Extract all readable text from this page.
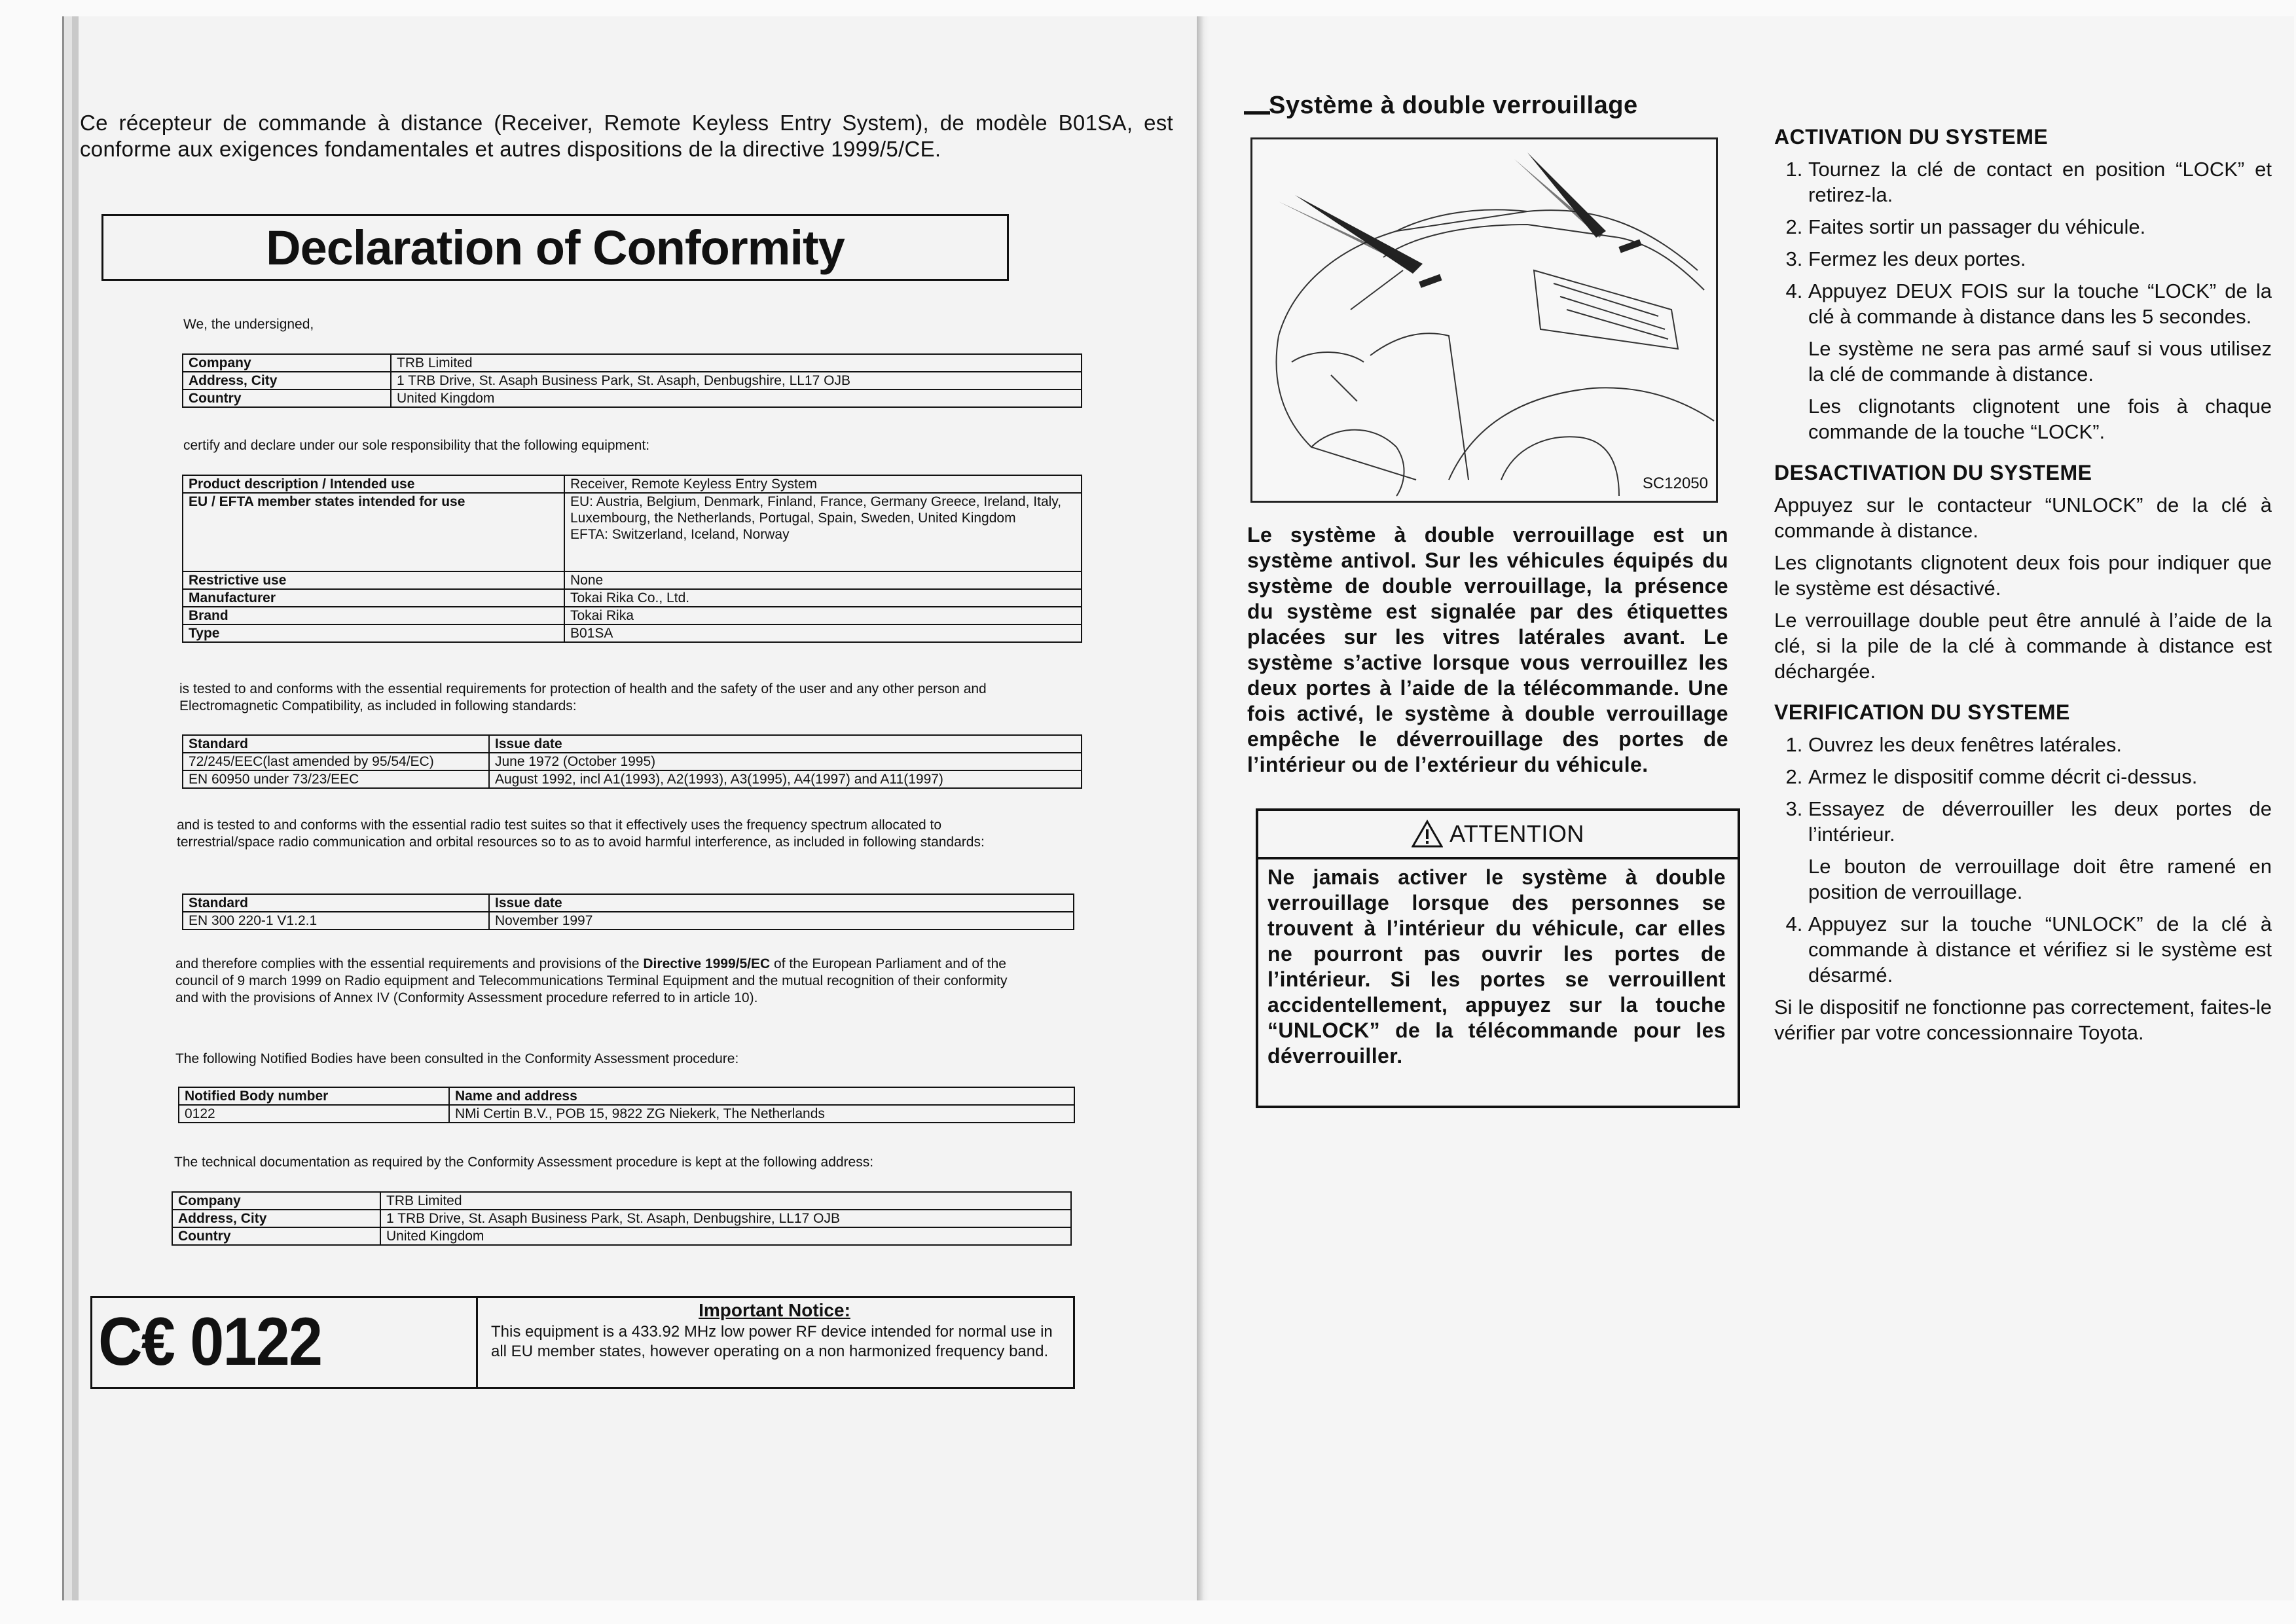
Ce récepteur de commande à distance (Receiver, Remote Keyless Entry System), de modèle B01SA, est conforme aux exigences fondamentales et autres dispositions de la directive 1999/5/CE.
Declaration of Conformity
We, the undersigned,
Company	TRB Limited
Address, City	1 TRB Drive, St. Asaph Business Park, St. Asaph, Denbugshire, LL17 OJB
Country	United Kingdom
certify and declare under our sole responsibility that the following equipment:
Product description / Intended use	Receiver, Remote Keyless Entry System
EU / EFTA member states intended for use	EU: Austria, Belgium, Denmark, Finland, France, Germany Greece, Ireland, Italy, Luxembourg, the Netherlands, Portugal, Spain, Sweden, United Kingdom
EFTA: Switzerland, Iceland, Norway

Restrictive use	None
Manufacturer	Tokai Rika Co., Ltd.
Brand	Tokai Rika
Type	B01SA
is tested to and conforms with the essential requirements for protection of health and the safety of the user and any other person and Electromagnetic Compatibility, as included in following standards:
Standard	Issue date
72/245/EEC(last amended by 95/54/EC)	June 1972 (October 1995)
EN 60950 under 73/23/EEC	August 1992, incl A1(1993), A2(1993), A3(1995), A4(1997) and A11(1997)
and is tested to and conforms with the essential radio test suites so that it effectively uses the frequency spectrum allocated to terrestrial/space radio communication and orbital resources so to as to avoid harmful interference, as included in following standards:
Standard	Issue date
EN 300 220-1 V1.2.1	November 1997
and therefore complies with the essential requirements and provisions of the Directive 1999/5/EC of the European Parliament and of the council of 9 march 1999 on Radio equipment and Telecommunications Terminal Equipment and the mutual recognition of their conformity and with the provisions of Annex IV (Conformity Assessment procedure referred to in article 10).
The following Notified Bodies have been consulted in the Conformity Assessment procedure:
Notified Body number	Name and address
0122	NMi Certin B.V., POB 15, 9822 ZG Niekerk, The Netherlands
The technical documentation as required by the Conformity Assessment procedure is kept at the following address:
Company	TRB Limited
Address, City	1 TRB Drive, St. Asaph Business Park, St. Asaph, Denbugshire, LL17 OJB
Country	United Kingdom
C€ 0122	Important Notice:
This equipment is a 433.92 MHz low power RF device intended for normal use in all EU member states, however operating on a non harmonized frequency band.
Système à double verrouillage
SC12050
Le système à double verrouillage est un système antivol. Sur les véhicules équipés du système de double verrouillage, la présence du système est signalée par des étiquettes placées sur les vitres latérales avant. Le système s’active lorsque vous verrouillez les deux portes à l’aide de la télécommande. Une fois activé, le système à double verrouillage empêche le déverrouillage des portes de l’intérieur ou de l’extérieur du véhicule.
ATTENTION
Ne jamais activer le système à double verrouillage lorsque des personnes se trouvent à l’intérieur du véhicule, car elles ne pourront pas ouvrir les portes de l’intérieur. Si les portes se verrouillent accidentellement, appuyez sur la touche “UNLOCK” de la télécommande pour les déverrouiller.
ACTIVATION DU SYSTEME
1. Tournez la clé de contact en position “LOCK” et retirez-la.
2. Faites sortir un passager du véhicule.
3. Fermez les deux portes.
4. Appuyez DEUX FOIS sur la touche “LOCK” de la clé à commande à distance dans les 5 secondes.
Le système ne sera pas armé sauf si vous utilisez la clé de commande à distance.
Les clignotants clignotent une fois à chaque commande de la touche “LOCK”.
DESACTIVATION DU SYSTEME
Appuyez sur le contacteur “UNLOCK” de la clé à commande à distance.
Les clignotants clignotent deux fois pour indiquer que le système est désactivé.
Le verrouillage double peut être annulé à l’aide de la clé, si la pile de la clé à commande à distance est déchargée.
VERIFICATION DU SYSTEME
1. Ouvrez les deux fenêtres latérales.
2. Armez le dispositif comme décrit ci-dessus.
3. Essayez de déverrouiller les deux portes de l’intérieur.
Le bouton de verrouillage doit être ramené en position de verrouillage.
4. Appuyez sur la touche “UNLOCK” de la clé à commande à distance et vérifiez si le système est désarmé.
Si le dispositif ne fonctionne pas correctement, faites-le vérifier par votre concessionnaire Toyota.
